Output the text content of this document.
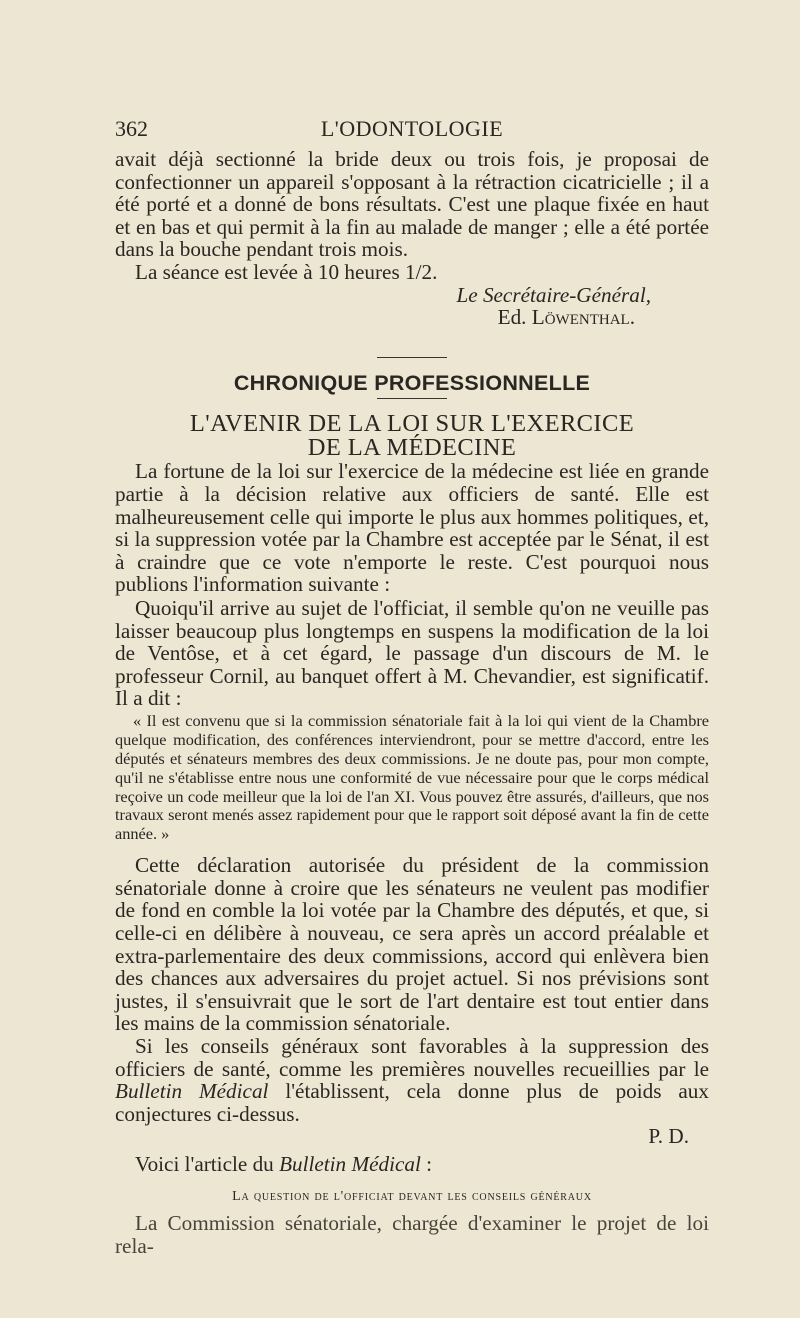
362	L'ODONTOLOGIE

avait déjà sectionné la bride deux ou trois fois, je proposai de confectionner un appareil s'opposant à la rétraction cicatricielle ; il a été porté et a donné de bons résultats. C'est une plaque fixée en haut et en bas et qui permit à la fin au malade de manger ; elle a été portée dans la bouche pendant trois mois.

La séance est levée à 10 heures 1/2.

Le Secrétaire-Général,

Ed. Löwenthal.

CHRONIQUE PROFESSIONNELLE

L'AVENIR DE LA LOI SUR L'EXERCICE

DE LA MÉDECINE

La fortune de la loi sur l'exercice de la médecine est liée en grande partie à la décision relative aux officiers de santé. Elle est malheureusement celle qui importe le plus aux hommes politiques, et, si la suppression votée par la Chambre est acceptée par le Sénat, il est à craindre que ce vote n'emporte le reste. C'est pourquoi nous publions l'information suivante :

Quoiqu'il arrive au sujet de l'officiat, il semble qu'on ne veuille pas laisser beaucoup plus longtemps en suspens la modification de la loi de Ventôse, et à cet égard, le passage d'un discours de M. le professeur Cornil, au banquet offert à M. Chevandier, est significatif. Il a dit :

« Il est convenu que si la commission sénatoriale fait à la loi qui vient de la Chambre quelque modification, des conférences interviendront, pour se mettre d'accord, entre les députés et sénateurs membres des deux commissions. Je ne doute pas, pour mon compte, qu'il ne s'établisse entre nous une conformité de vue nécessaire pour que le corps médical reçoive un code meilleur que la loi de l'an XI. Vous pouvez être assurés, d'ailleurs, que nos travaux seront menés assez rapidement pour que le rapport soit déposé avant la fin de cette année. »

Cette déclaration autorisée du président de la commission sénatoriale donne à croire que les sénateurs ne veulent pas modifier de fond en comble la loi votée par la Chambre des députés, et que, si celle-ci en délibère à nouveau, ce sera après un accord préalable et extra-parlementaire des deux commissions, accord qui enlèvera bien des chances aux adversaires du projet actuel. Si nos prévisions sont justes, il s'ensuivrait que le sort de l'art dentaire est tout entier dans les mains de la commission sénatoriale.

Si les conseils généraux sont favorables à la suppression des officiers de santé, comme les premières nouvelles recueillies par le Bulletin Médical l'établissent, cela donne plus de poids aux conjectures ci-dessus.

P. D.

Voici l'article du Bulletin Médical :

La question de l'officiat devant les conseils généraux

La Commission sénatoriale, chargée d'examiner le projet de loi rela-
